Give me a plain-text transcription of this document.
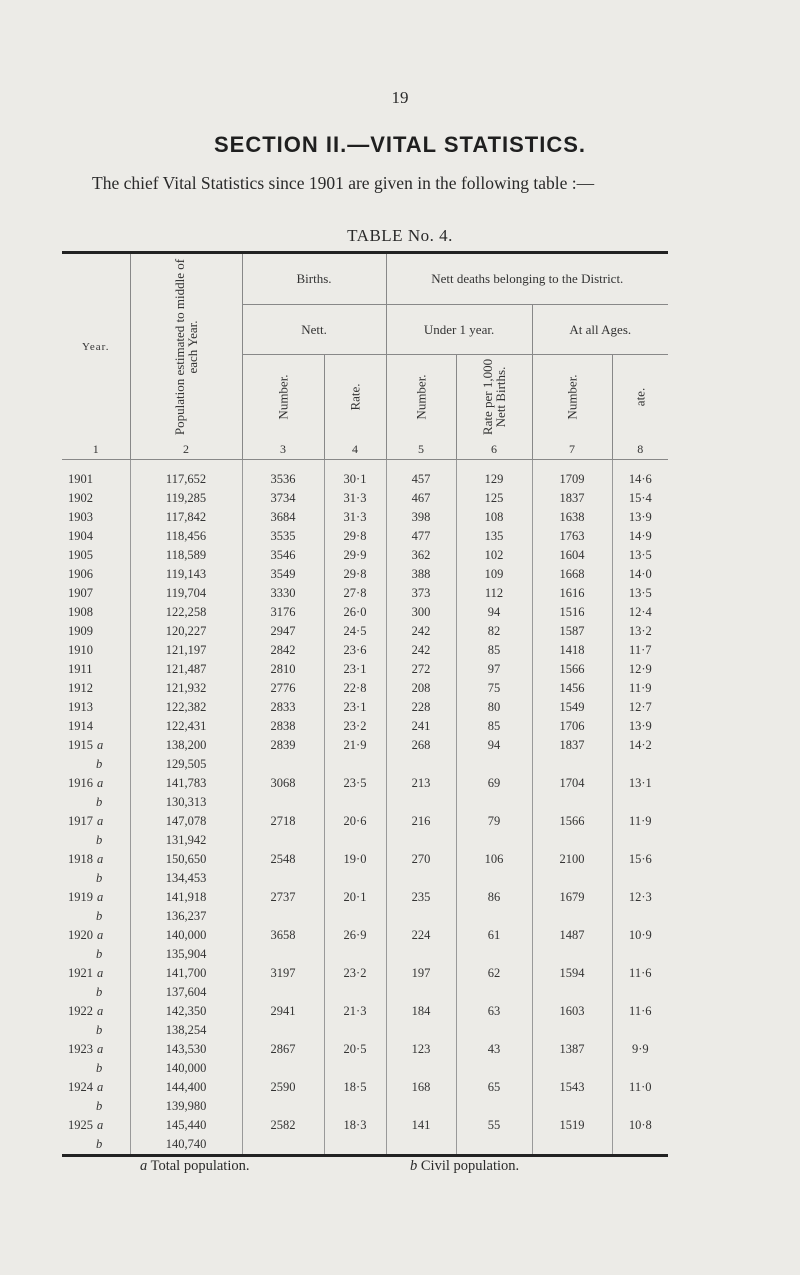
19
SECTION II.—VITAL STATISTICS.
The chief Vital Statistics since 1901 are given in the following table :—
TABLE No. 4.
Year.	Population estimated to middle of each Year.	Births.		Nett deaths belonging to the District.			
		Nett.		Under 1 year.		At all Ages.	

		Number.	Rate.	Number.	Rate per 1,000 Nett Births.	Number.	ate.

1	2	3	4	5	6	7	8

1901	117,652	3536	30·1	457	129	1709	14·6
1902	119,285	3734	31·3	467	125	1837	15·4
1903	117,842	3684	31·3	398	108	1638	13·9
1904	118,456	3535	29·8	477	135	1763	14·9
1905	118,589	3546	29·9	362	102	1604	13·5
1906	119,143	3549	29·8	388	109	1668	14·0
1907	119,704	3330	27·8	373	112	1616	13·5
1908	122,258	3176	26·0	300	94	1516	12·4
1909	120,227	2947	24·5	242	82	1587	13·2
1910	121,197	2842	23·6	242	85	1418	11·7
1911	121,487	2810	23·1	272	97	1566	12·9
1912	121,932	2776	22·8	208	75	1456	11·9
1913	122,382	2833	23·1	228	80	1549	12·7
1914	122,431	2838	23·2	241	85	1706	13·9
1915 a	138,200	2839	21·9	268	94	1837	14·2
b	129,505						
1916 a	141,783	3068	23·5	213	69	1704	13·1
b	130,313						
1917 a	147,078	2718	20·6	216	79	1566	11·9
b	131,942						
1918 a	150,650	2548	19·0	270	106	2100	15·6
b	134,453						
1919 a	141,918	2737	20·1	235	86	1679	12·3
b	136,237						
1920 a	140,000	3658	26·9	224	61	1487	10·9
b	135,904						
1921 a	141,700	3197	23·2	197	62	1594	11·6
b	137,604						
1922 a	142,350	2941	21·3	184	63	1603	11·6
b	138,254						
1923 a	143,530	2867	20·5	123	43	1387	9·9
b	140,000						
1924 a	144,400	2590	18·5	168	65	1543	11·0
b	139,980						
1925 a	145,440	2582	18·3	141	55	1519	10·8
b	140,740						
a Total population.	b Civil population.
